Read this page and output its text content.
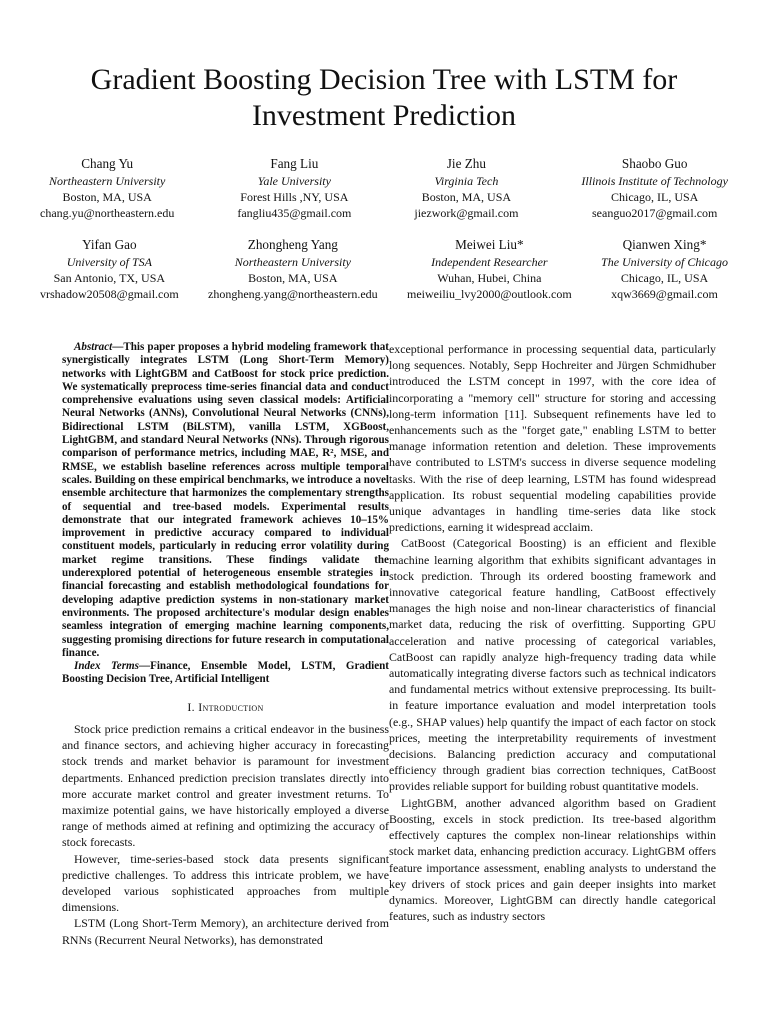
Gradient Boosting Decision Tree with LSTM for
Investment Prediction
Chang Yu
Northeastern University
Boston, MA, USA
chang.yu@northeastern.edu
Fang Liu
Yale University
Forest Hills ,NY, USA
fangliu435@gmail.com
Jie Zhu
Virginia Tech
Boston, MA, USA
jiezwork@gmail.com
Shaobo Guo
Illinois Institute of Technology
Chicago, IL, USA
seanguo2017@gmail.com
Yifan Gao
University of TSA
San Antonio, TX, USA
vrshadow20508@gmail.com
Zhongheng Yang
Northeastern University
Boston, MA, USA
zhongheng.yang@northeastern.edu
Meiwei Liu*
Independent Researcher
Wuhan, Hubei, China
meiweiliu_lvy2000@outlook.com
Qianwen Xing*
The University of Chicago
Chicago, IL, USA
xqw3669@gmail.com

Abstract—This paper proposes a hybrid modeling framework that synergistically integrates LSTM (Long Short-Term Memory) networks with LightGBM and CatBoost for stock price prediction. We systematically preprocess time-series financial data and conduct comprehensive evaluations using seven classical models: Artificial Neural Networks (ANNs), Convolutional Neural Networks (CNNs), Bidirectional LSTM (BiLSTM), vanilla LSTM, XGBoost, LightGBM, and standard Neural Networks (NNs). Through rigorous comparison of performance metrics, including MAE, R², MSE, and RMSE, we establish baseline references across multiple temporal scales. Building on these empirical benchmarks, we introduce a novel ensemble architecture that harmonizes the complementary strengths of sequential and tree-based models. Experimental results demonstrate that our integrated framework achieves 10–15% improvement in predictive accuracy compared to individual constituent models, particularly in reducing error volatility during market regime transitions. These findings validate the underexplored potential of heterogeneous ensemble strategies in financial forecasting and establish methodological foundations for developing adaptive prediction systems in non-stationary market environments. The proposed architecture's modular design enables seamless integration of emerging machine learning components, suggesting promising directions for future research in computational finance.

Index Terms—Finance, Ensemble Model, LSTM, Gradient Boosting Decision Tree, Artificial Intelligent

I. Introduction

Stock price prediction remains a critical endeavor in the business and finance sectors, and achieving higher accuracy in forecasting stock trends and market behavior is paramount for investment departments. Enhanced prediction precision translates directly into more accurate market control and greater investment returns. To maximize potential gains, we have historically employed a diverse range of methods aimed at refining and optimizing the accuracy of stock forecasts.

However, time-series-based stock data presents significant predictive challenges. To address this intricate problem, we have developed various sophisticated approaches from multiple dimensions.

LSTM (Long Short-Term Memory), an architecture derived from RNNs (Recurrent Neural Networks), has demonstrated

exceptional performance in processing sequential data, particularly long sequences. Notably, Sepp Hochreiter and Jürgen Schmidhuber introduced the LSTM concept in 1997, with the core idea of incorporating a "memory cell" structure for storing and accessing long-term information [11]. Subsequent refinements have led to enhancements such as the "forget gate," enabling LSTM to better manage information retention and deletion. These improvements have contributed to LSTM's success in diverse sequence modeling tasks. With the rise of deep learning, LSTM has found widespread application. Its robust sequential modeling capabilities provide unique advantages in handling time-series data like stock predictions, earning it widespread acclaim.

CatBoost (Categorical Boosting) is an efficient and flexible machine learning algorithm that exhibits significant advantages in stock prediction. Through its ordered boosting framework and innovative categorical feature handling, CatBoost effectively manages the high noise and non-linear characteristics of financial market data, reducing the risk of overfitting. Supporting GPU acceleration and native processing of categorical variables, CatBoost can rapidly analyze high-frequency trading data while automatically integrating diverse factors such as technical indicators and fundamental metrics without extensive preprocessing. Its built-in feature importance evaluation and model interpretation tools (e.g., SHAP values) help quantify the impact of each factor on stock prices, meeting the interpretability requirements of investment decisions. Balancing prediction accuracy and computational efficiency through gradient bias correction techniques, CatBoost provides reliable support for building robust quantitative models.

LightGBM, another advanced algorithm based on Gradient Boosting, excels in stock prediction. Its tree-based algorithm effectively captures the complex non-linear relationships within stock market data, enhancing prediction accuracy. LightGBM offers feature importance assessment, enabling analysts to understand the key drivers of stock prices and gain deeper insights into market dynamics. Moreover, LightGBM can directly handle categorical features, such as industry sectors
